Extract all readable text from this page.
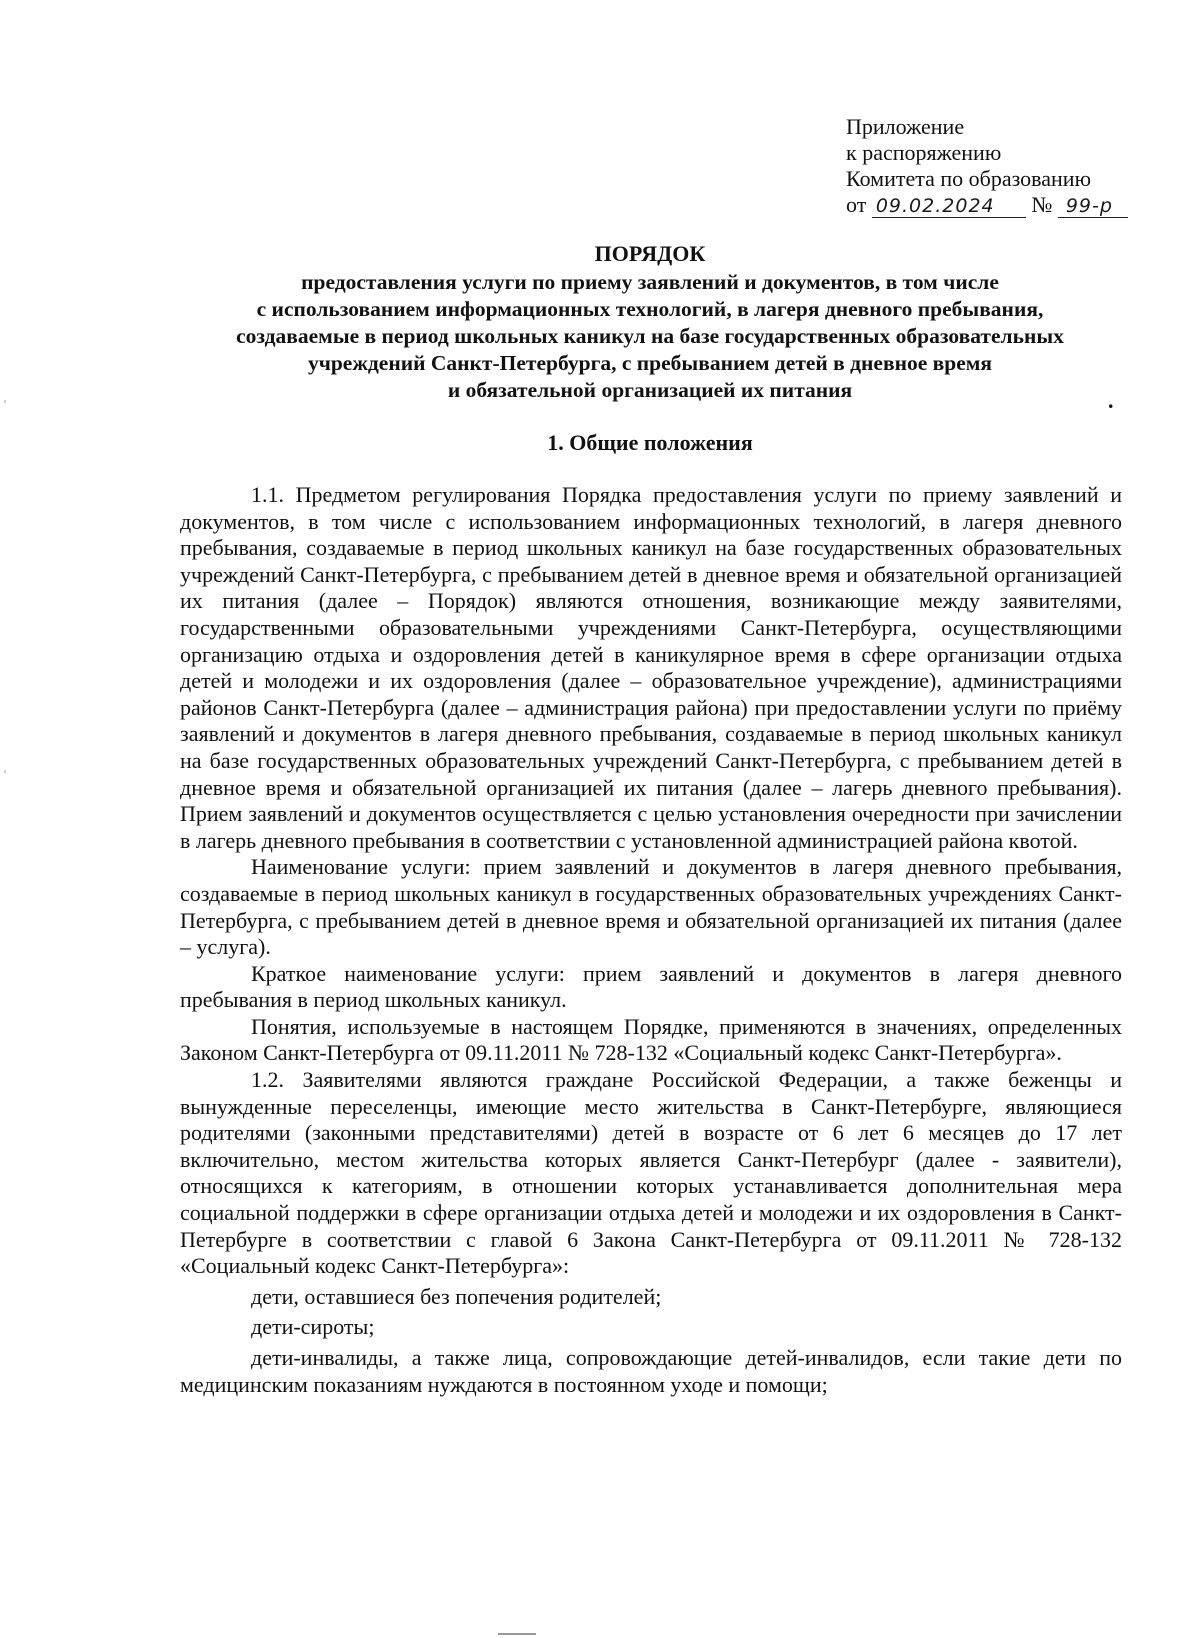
Приложение
к распоряжению
Комитета по образованию
от 09.02.2024 № 99-р
ПОРЯДОК
предоставления услуги по приему заявлений и документов, в том числе
с использованием информационных технологий, в лагеря дневного пребывания,
создаваемые в период школьных каникул на базе государственных образовательных
учреждений Санкт-Петербурга, с пребыванием детей в дневное время
и обязательной организацией их питания	.
1. Общие положения

1.1. Предметом регулирования Порядка предоставления услуги по приему заявлений и документов, в том числе с использованием информационных технологий, в лагеря дневного пребывания, создаваемые в период школьных каникул на базе государственных образовательных учреждений Санкт-Петербурга, с пребыванием детей в дневное время и обязательной организацией их питания (далее – Порядок) являются отношения, возникающие между заявителями, государственными образовательными учреждениями Санкт-Петербурга, осуществляющими организацию отдыха и оздоровления детей в каникулярное время в сфере организации отдыха детей и молодежи и их оздоровления (далее – образовательное учреждение), администрациями районов Санкт-Петербурга (далее – администрация района) при предоставлении услуги по приёму заявлений и документов в лагеря дневного пребывания, создаваемые в период школьных каникул на базе государственных образовательных учреждений Санкт-Петербурга, с пребыванием детей в дневное время и обязательной организацией их питания (далее – лагерь дневного пребывания). Прием заявлений и документов осуществляется с целью установления очередности при зачислении в лагерь дневного пребывания в соответствии с установленной администрацией района квотой.

Наименование услуги: прием заявлений и документов в лагеря дневного пребывания, создаваемые в период школьных каникул в государственных образовательных учреждениях Санкт-Петербурга, с пребыванием детей в дневное время и обязательной организацией их питания (далее – услуга).

Краткое наименование услуги: прием заявлений и документов в лагеря дневного пребывания в период школьных каникул.

Понятия, используемые в настоящем Порядке, применяются в значениях, определенных Законом Санкт-Петербурга от 09.11.2011 № 728-132 «Социальный кодекс Санкт-Петербурга».

1.2. Заявителями являются граждане Российской Федерации, а также беженцы и вынужденные переселенцы, имеющие место жительства в Санкт-Петербурге, являющиеся родителями (законными представителями) детей в возрасте от 6 лет 6 месяцев до 17 лет включительно, местом жительства которых является Санкт-Петербург (далее - заявители), относящихся к категориям, в отношении которых устанавливается дополнительная мера социальной поддержки в сфере организации отдыха детей и молодежи и их оздоровления в Санкт-Петербурге в соответствии с главой 6 Закона Санкт-Петербурга от 09.11.2011 № 728-132 «Социальный кодекс Санкт-Петербурга»:

дети, оставшиеся без попечения родителей;

дети-сироты;

дети-инвалиды, а также лица, сопровождающие детей-инвалидов, если такие дети по медицинским показаниям нуждаются в постоянном уходе и помощи;
